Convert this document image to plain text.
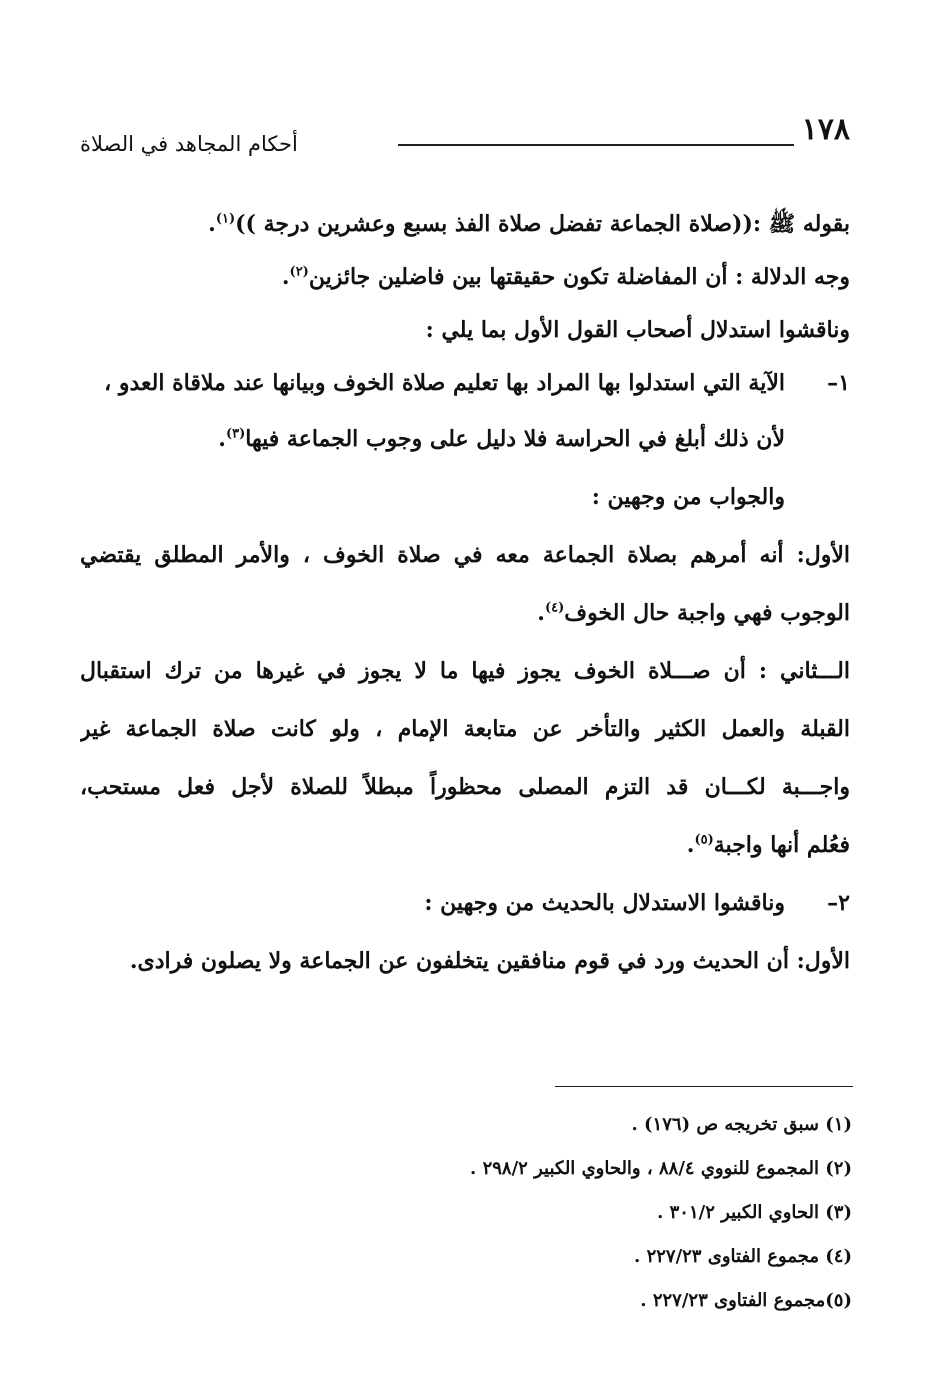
١٧٨
أحكام المجاهد في الصلاة
بقوله ﷺ :((صلاة الجماعة تفضل صلاة الفذ بسبع وعشرين درجة ))$^{(١)}$.
وجه الدلالة : أن المفاضلة تكون حقيقتها بين فاضلين جائزين$^{(٢)}$.
وناقشوا استدلال أصحاب القول الأول بما يلي :
١–
الآية التي استدلوا بها المراد بها تعليم صلاة الخوف وبيانها عند ملاقاة العدو ،
لأن ذلك أبلغ في الحراسة فلا دليل على وجوب الجماعة فيها$^{(٣)}$.
والجواب من وجهين :
الأول: أنه أمرهم بصلاة الجماعة معه في صلاة الخوف ، والأمر المطلق يقتضي
الوجوب فهي واجبة حال الخوف$^{(٤)}$.
الـــثاني : أن صـــلاة الخوف يجوز فيها ما لا يجوز في غيرها من ترك استقبال
القبلة والعمل الكثير والتأخر عن متابعة الإمام ، ولو كانت صلاة الجماعة غير
واجـــبة لكـــان قد التزم المصلى محظوراً مبطلاً للصلاة لأجل فعل مستحب،
فعُلم أنها واجبة$^{(٥)}$.
٢–
وناقشوا الاستدلال بالحديث من وجهين :
الأول: أن الحديث ورد في قوم منافقين يتخلفون عن الجماعة ولا يصلون فرادى.
(١) سبق تخريجه ص (١٧٦) .
(٢) المجموع للنووي ٨٨/٤ ، والحاوي الكبير ٢٩٨/٢ .
(٣) الحاوي الكبير ٣٠١/٢ .
(٤) مجموع الفتاوى ٢٢٧/٢٣ .
(٥)مجموع الفتاوى ٢٢٧/٢٣ .
